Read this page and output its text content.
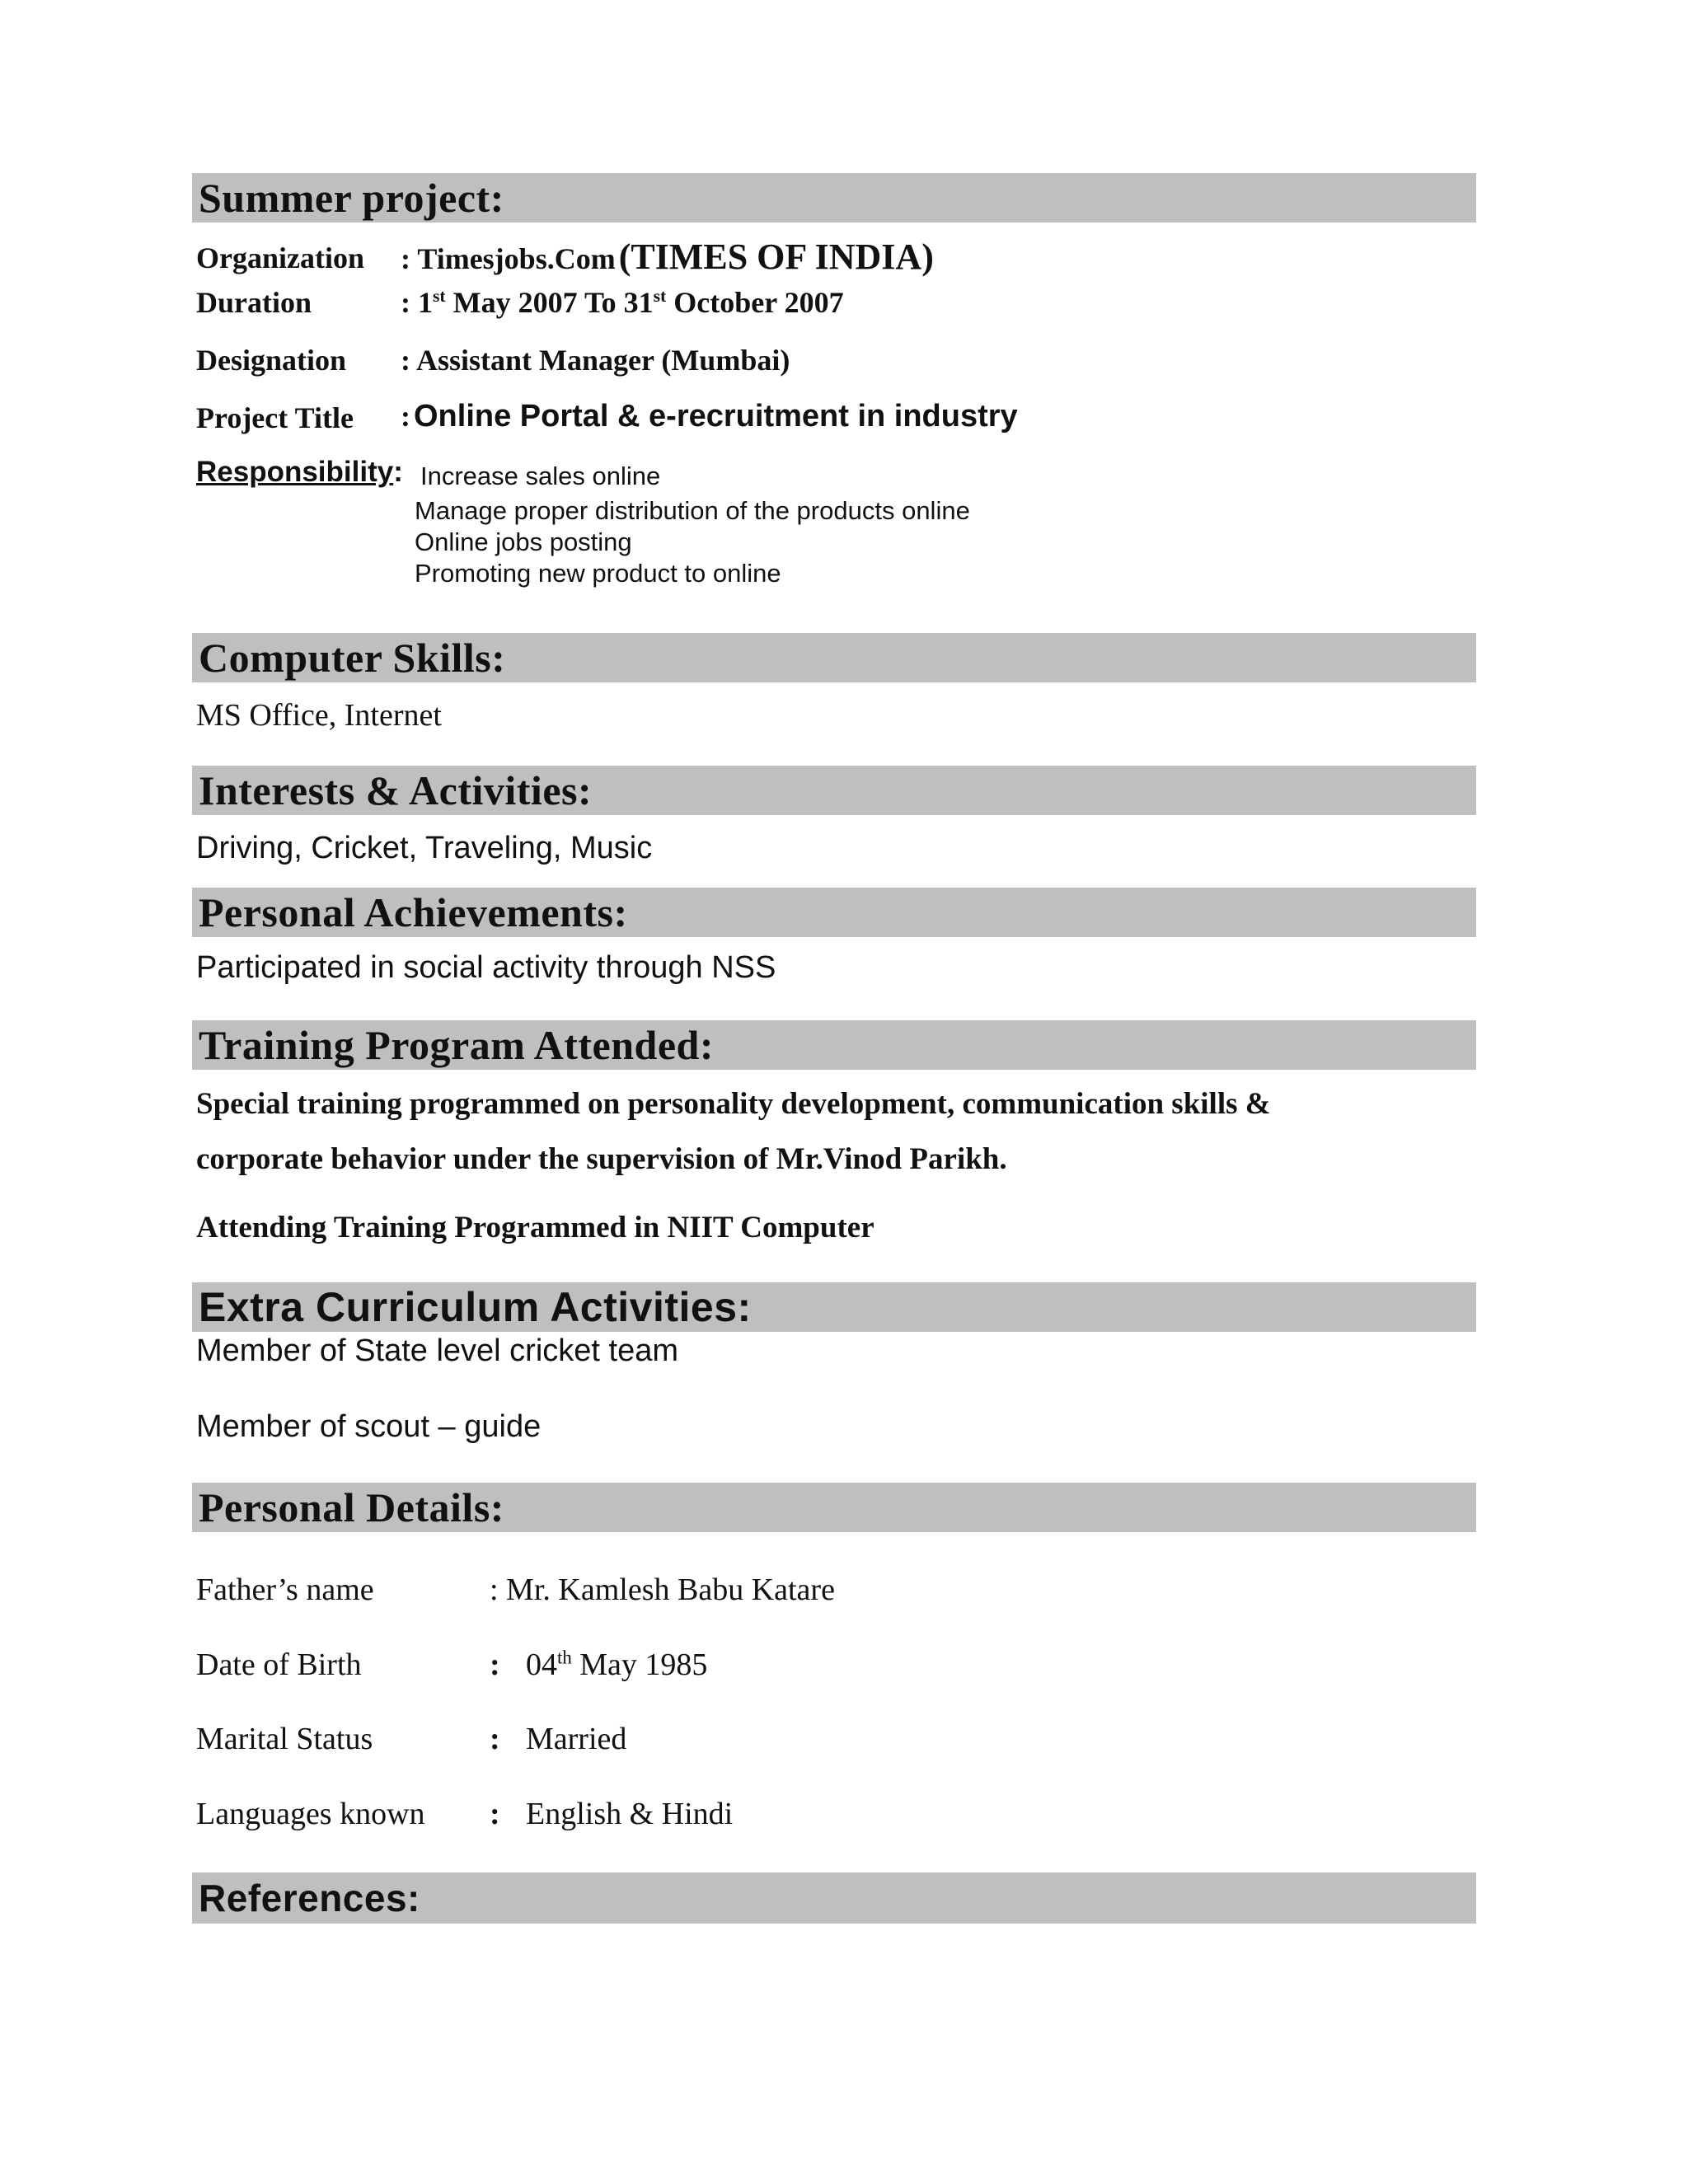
Summer project:
Organization : Timesjobs.Com (TIMES OF INDIA)
Duration	: 1st May 2007 To 31st October 2007
Designation : Assistant Manager (Mumbai)
Project Title : Online Portal & e-recruitment in industry
Responsibility: Increase sales online
Manage proper distribution of the products online
Online jobs posting
Promoting new product to online
Computer Skills:
MS Office, Internet
Interests & Activities:
Driving, Cricket, Traveling, Music
Personal Achievements:
Participated in social activity through NSS
Training Program Attended:
Special training programmed on personality development, communication skills &
corporate behavior under the supervision of Mr.Vinod Parikh.
Attending Training Programmed in NIIT Computer
Extra Curriculum Activities:
Member of State level cricket team
Member of scout – guide
Personal Details:
Father’s name	: Mr. Kamlesh Babu Katare
Date of Birth	: 04th May 1985
Marital Status	: Married
Languages known : English & Hindi
References:
